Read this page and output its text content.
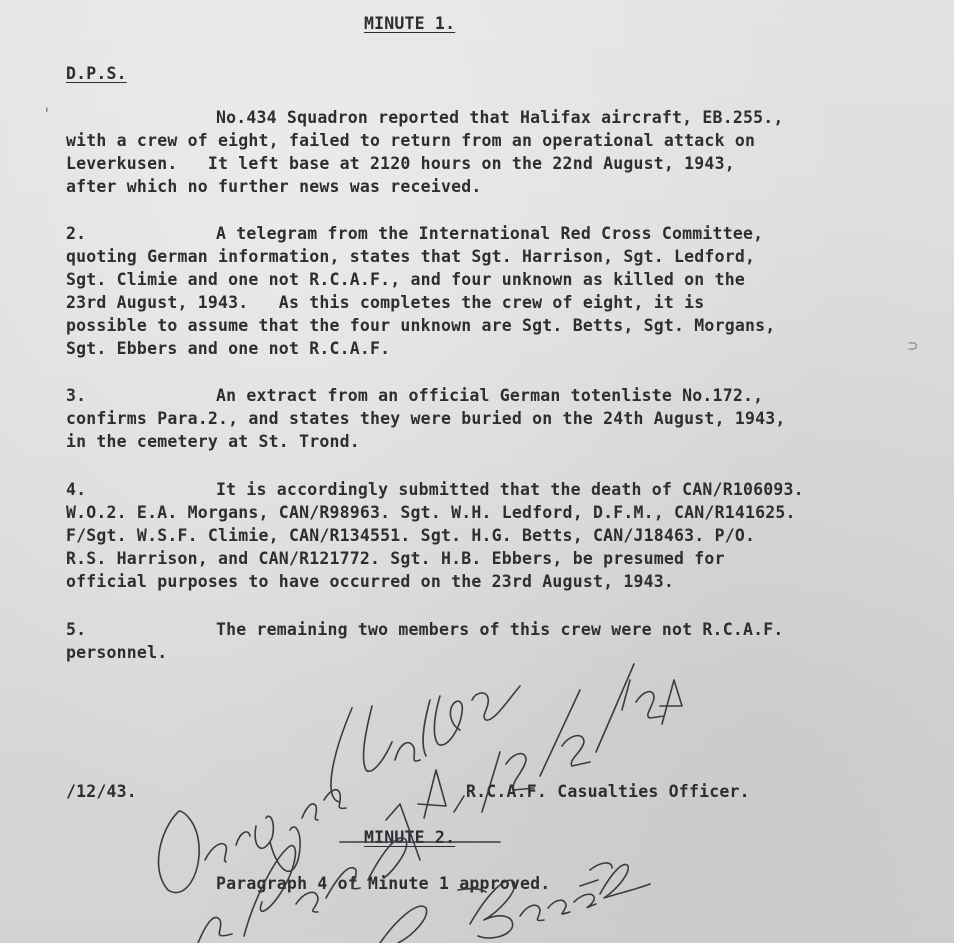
MINUTE 1.
D.P.S.
'	No.434 Squadron reported that Halifax aircraft, EB.255.,
with a crew of eight, failed to return from an operational attack on
Leverkusen.   It left base at 2120 hours on the 22nd August, 1943,
after which no further news was received.
2.	A telegram from the International Red Cross Committee,
quoting German information, states that Sgt. Harrison, Sgt. Ledford,
Sgt. Climie and one not R.C.A.F., and four unknown as killed on the
23rd August, 1943.   As this completes the crew of eight, it is
possible to assume that the four unknown are Sgt. Betts, Sgt. Morgans,
Sgt. Ebbers and one not R.C.A.F.
3.	An extract from an official German totenliste No.172.,
confirms Para.2., and states they were buried on the 24th August, 1943,
in the cemetery at St. Trond.
4.	It is accordingly submitted that the death of CAN/R106093.
W.O.2. E.A. Morgans, CAN/R98963. Sgt. W.H. Ledford, D.F.M., CAN/R141625.
F/Sgt. W.S.F. Climie, CAN/R134551. Sgt. H.G. Betts, CAN/J18463. P/O.
R.S. Harrison, and CAN/R121772. Sgt. H.B. Ebbers, be presumed for
official purposes to have occurred on the 23rd August, 1943.
5.	The remaining two members of this crew were not R.C.A.F.
personnel.
/12/43.	R.C.A.F. Casualties Officer.
MINUTE 2.
Paragraph 4 of Minute 1 approved.
⊃
